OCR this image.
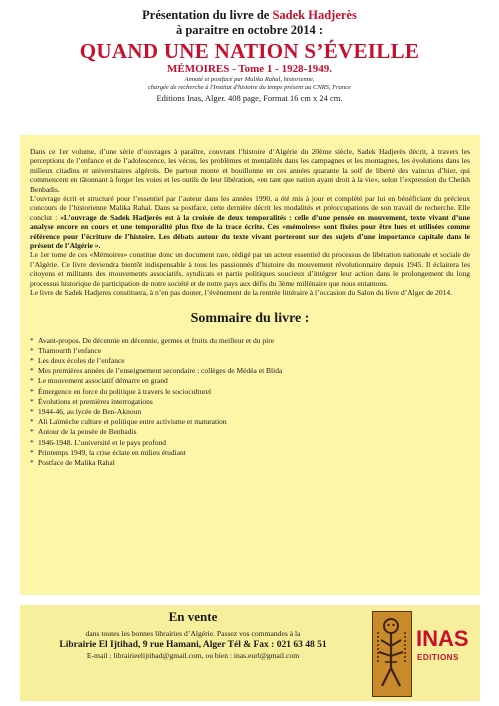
Présentation du livre de Sadek Hadjerès
à paraitre en octobre 2014 :
QUAND UNE NATION S’ÉVEILLE
MÉMOIRES - Tome 1 - 1928-1949.
Annoté et postfacé par Malika Rahal, historienne,
chargée de recherche à l'Institut d'histoire du temps présent au CNRS, France
Editions Inas, Alger. 408 page, Format 16 cm x 24 cm.

Dans ce 1er volume, d’une série d’ouvrages à paraître, couvrant l’histoire d’Algérie du 20ème siècle, Sadek Hadjerès décrit, à travers les perceptions de l’enfance et de l’adolescence, les vécus, les problèmes et mentalités dans les campagnes et les montagnes, les évolutions dans les milieux citadins et universitaires algérois. De partout monte et bouillonne en ces années quarante la soif de liberté des vaincus d’hier, qui commencent en tâtonnant à forger les voies et les outils de leur libération, «en tant que nation ayant droit à la vie», selon l’expression du Cheikh Benbadis.

L’ouvrage écrit et structuré pour l’essentiel par l’auteur dans les années 1990, a été mis à jour et complété par lui en bénéficiant du précieux concours de l’historienne Malika Rahal. Dans sa postface, cette dernière décrit les modalités et préoccupations de son travail de recherche. Elle conclut : «L’ouvrage de Sadek Hadjerès est à la croisée de deux temporalités : celle d’une pensée en mouvement, texte vivant d’une analyse encore en cours et une temporalité plus fixe de la trace écrite. Ces «mémoires» sont fixées pour être lues et utilisées comme référence pour l’écriture de l’histoire. Les débats autour du texte vivant porteront sur des sujets d’une importance capitale dans le présent de l’Algérie ».

Le 1er tome de ces «Mémoires» constitue donc un document rare, rédigé par un acteur essentiel du processus de libération nationale et sociale de l’Algérie. Ce livre deviendra bientôt indispensable à tous les passionnés d’histoire du mouvement révolutionnaire depuis 1945. Il éclairera les citoyens et militants des mouvements associatifs, syndicats et partis politiques soucieux d’intégrer leur action dans le prolongement du long processus historique de participation de notre société et de notre pays aux défis du 3ème millénaire que nous entamons.

Le livre de Sadek Hadjeres constituera, à n’en pas douter, l’évènement de la rentrée littéraire à l’occasion du Salon du livre d’Alger de 2014.

Sommaire du livre :
* Avant-propos. De décennie en décennie, germes et fruits du meilleur et du pire
* Thamourth l’enfance
* Les deux écoles de l’enfance
* Mes premières années de l’enseignement secondaire : collèges de Médéa et Blida
* Le mouvement associatif démarre en grand
* Émergence en force du politique à travers le socioculturel
* Évolutions et premières interrogations
* 1944-46, au lycée de Ben-Aknoun
* Ali Laïmèche culture et politique entre activisme et maturation
* Autour de la pensée de Benbadis
* 1946-1948. L’université et le pays profond
* Printemps 1949, la crise éclate en milieu étudiant
* Postface de Malika Rahal
En vente
dans toutes les bonnes librairies d’Algérie. Passez vos commandes à la
Librairie El Ijtihad, 9 rue Hamani, Alger Tél & Fax : 021 63 48 51
E-mail : librairieelijtihad@gmail.com, ou bien : inas.eurl@gmail.com
INAS
EDITIONS
